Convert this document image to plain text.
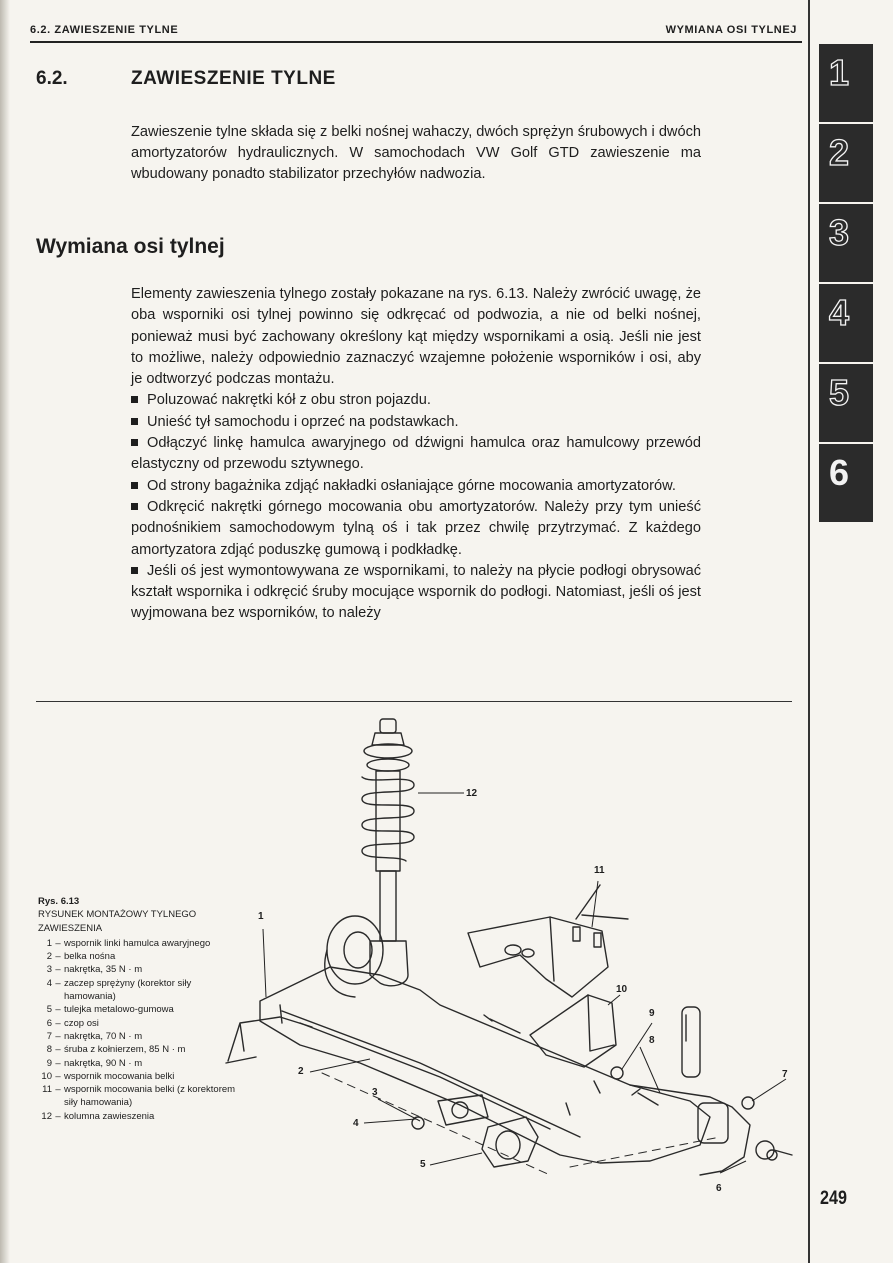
6.2. ZAWIESZENIE TYLNE	WYMIANA OSI TYLNEJ
6.2.	ZAWIESZENIE TYLNE

Zawieszenie tylne składa się z belki nośnej wahaczy, dwóch sprężyn śrubowych i dwóch amortyzatorów hydraulicznych. W samochodach VW Golf GTD zawieszenie ma wbudowany ponadto stabilizator przechyłów nadwozia.

Wymiana osi tylnej

Elementy zawieszenia tylnego zostały pokazane na rys. 6.13. Należy zwrócić uwagę, że oba wsporniki osi tylnej powinno się odkręcać od podwozia, a nie od belki nośnej, ponieważ musi być zachowany określony kąt między wspornikami a osią. Jeśli nie jest to możliwe, należy odpowiednio zaznaczyć wzajemne położenie wsporników i osi, aby je odtworzyć podczas montażu.

Poluzować nakrętki kół z obu stron pojazdu.

Unieść tył samochodu i oprzeć na podstawkach.

Odłączyć linkę hamulca awaryjnego od dźwigni hamulca oraz hamulcowy przewód elastyczny od przewodu sztywnego.

Od strony bagażnika zdjąć nakładki osłaniające górne mocowania amortyzatorów.

Odkręcić nakrętki górnego mocowania obu amortyzatorów. Należy przy tym unieść podnośnikiem samochodowym tylną oś i tak przez chwilę przytrzymać. Z każdego amortyzatora zdjąć poduszkę gumową i podkładkę.

Jeśli oś jest wymontowywana ze wspornikami, to należy na płycie podłogi obrysować kształt wspornika i odkręcić śruby mocujące wspornik do podłogi. Natomiast, jeśli oś jest wyjmowana bez wsporników, to należy

Rys. 6.13
RYSUNEK MONTAŻOWY TYLNEGO ZAWIESZENIA
1 – wspornik linki hamulca awaryjnego
2 – belka nośna
3 – nakrętka, 35 N · m
4 – zaczep sprężyny (korektor siły hamowania)
5 – tulejka metalowo-gumowa
6 – czop osi
7 – nakrętka, 70 N · m
8 – śruba z kołnierzem, 85 N · m
9 – nakrętka, 90 N · m
10 – wspornik mocowania belki
11 – wspornik mocowania belki (z korektorem siły hamowania)
12 – kolumna zawieszenia
12
11
1
10
9
8
2	7
3
4
5
6
1
2
3
4
5
6
249
